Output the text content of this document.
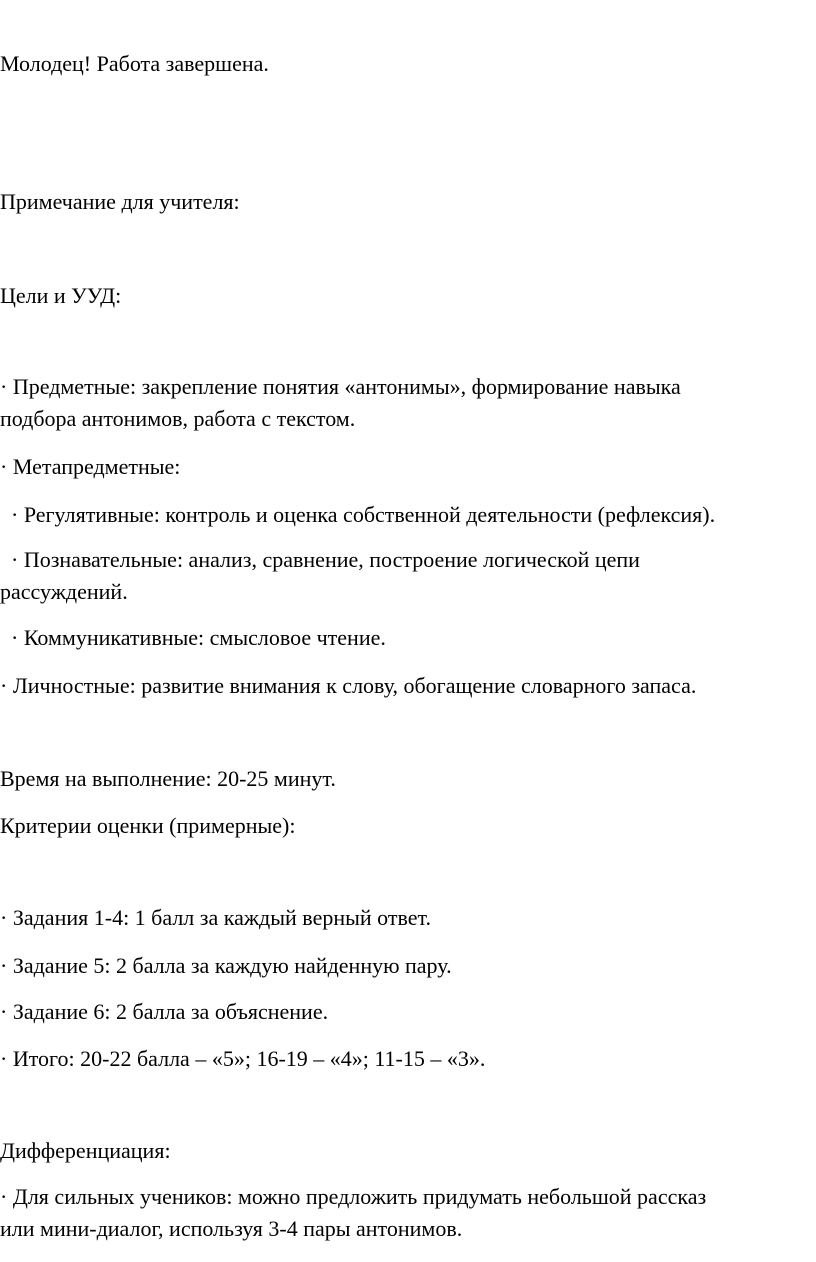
Молодец! Работа завершена.
Примечание для учителя:
Цели и УУД:
· Предметные: закрепление понятия «антонимы», формирование навыка
подбора антонимов, работа с текстом.
· Метапредметные:
· Регулятивные: контроль и оценка собственной деятельности (рефлексия).
· Познавательные: анализ, сравнение, построение логической цепи
рассуждений.
· Коммуникативные: смысловое чтение.
· Личностные: развитие внимания к слову, обогащение словарного запаса.
Время на выполнение: 20-25 минут.
Критерии оценки (примерные):
· Задания 1-4: 1 балл за каждый верный ответ.
· Задание 5: 2 балла за каждую найденную пару.
· Задание 6: 2 балла за объяснение.
· Итого: 20-22 балла – «5»; 16-19 – «4»; 11-15 – «3».
Дифференциация:
· Для сильных учеников: можно предложить придумать небольшой рассказ
или мини-диалог, используя 3-4 пары антонимов.
